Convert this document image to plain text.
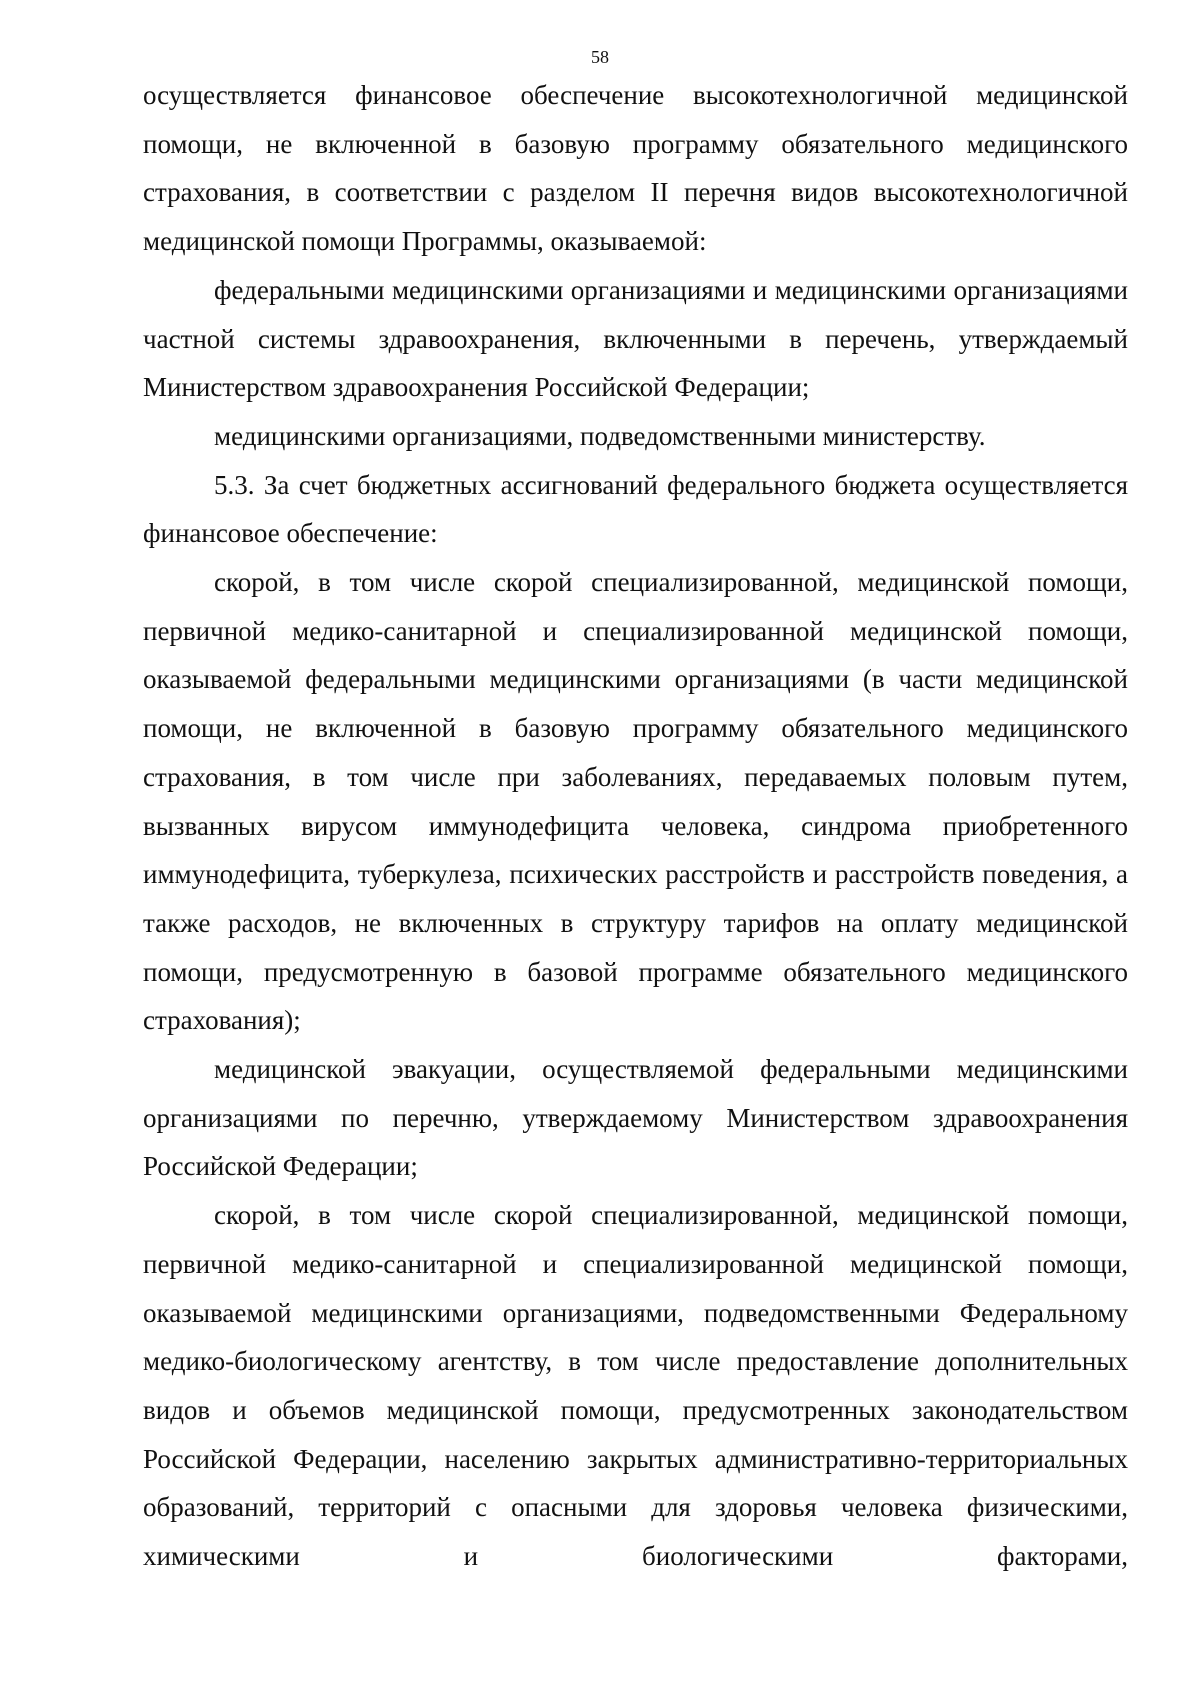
58

осуществляется финансовое обеспечение высокотехнологичной медицинской помощи, не включенной в базовую программу обязательного медицинского страхования, в соответствии с разделом II перечня видов высокотехнологичной медицинской помощи Программы, оказываемой:

федеральными медицинскими организациями и медицинскими организациями частной системы здравоохранения, включенными в перечень, утверждаемый Министерством здравоохранения Российской Федерации;

медицинскими организациями, подведомственными министерству.

5.3. За счет бюджетных ассигнований федерального бюджета осуществляется финансовое обеспечение:

скорой, в том числе скорой специализированной, медицинской помощи, первичной медико-санитарной и специализированной медицинской помощи, оказываемой федеральными медицинскими организациями (в части медицинской помощи, не включенной в базовую программу обязательного медицинского страхования, в том числе при заболеваниях, передаваемых половым путем, вызванных вирусом иммунодефицита человека, синдрома приобретенного иммунодефицита, туберкулеза, психических расстройств и расстройств поведения, а также расходов, не включенных в структуру тарифов на оплату медицинской помощи, предусмотренную в базовой программе обязательного медицинского страхования);

медицинской эвакуации, осуществляемой федеральными медицинскими организациями по перечню, утверждаемому Министерством здравоохранения Российской Федерации;

скорой, в том числе скорой специализированной, медицинской помощи, первичной медико-санитарной и специализированной медицинской помощи, оказываемой медицинскими организациями, подведомственными Федеральному медико-биологическому агентству, в том числе предоставление дополнительных видов и объемов медицинской помощи, предусмотренных законодательством Российской Федерации, населению закрытых административно-территориальных образований, территорий с опасными для здоровья человека физическими, химическими и биологическими факторами,
